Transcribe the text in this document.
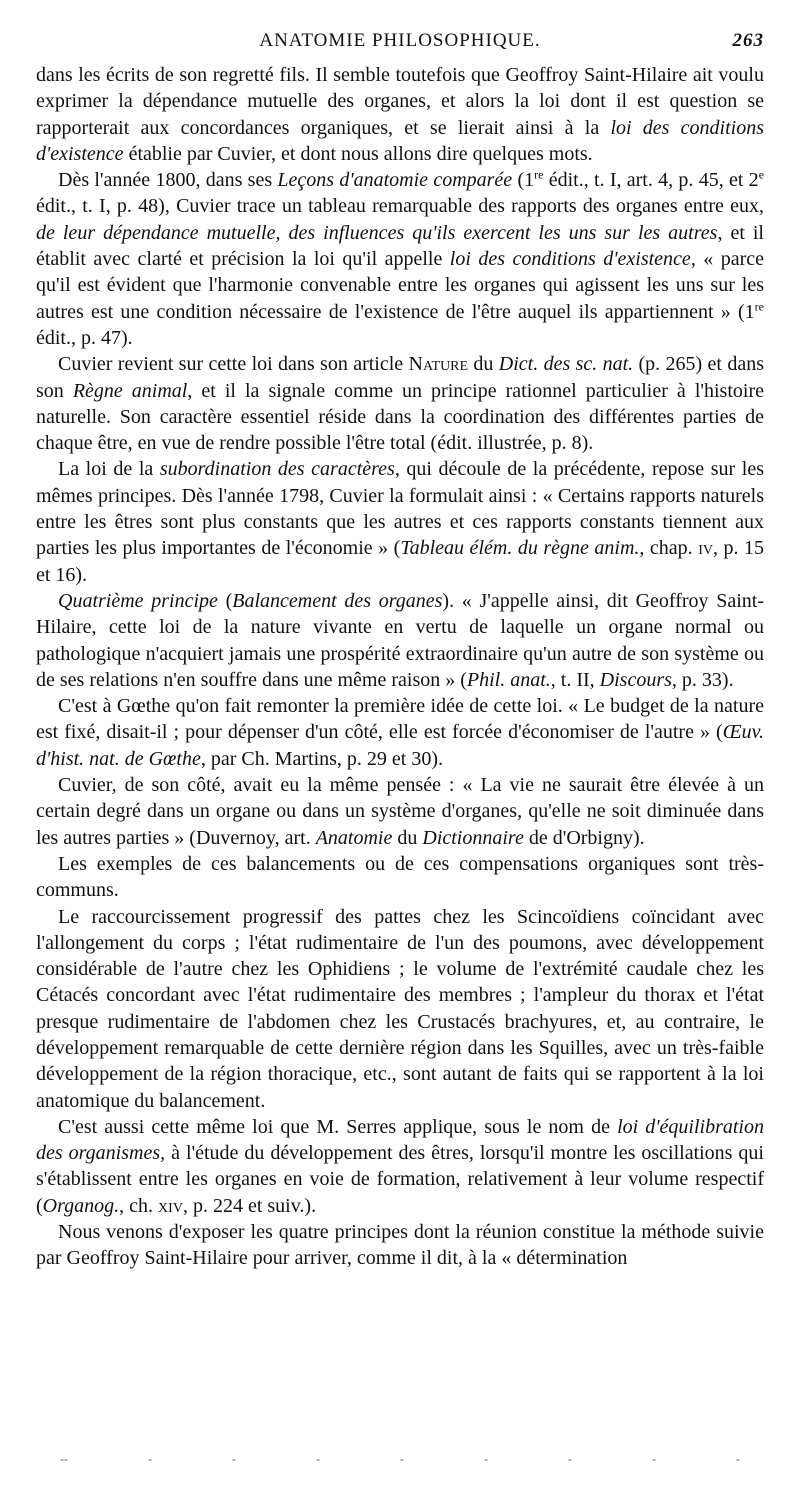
ANATOMIE PHILOSOPHIQUE.	263

dans les écrits de son regretté fils. Il semble toutefois que Geoffroy Saint-Hilaire ait voulu exprimer la dépendance mutuelle des organes, et alors la loi dont il est question se rapporterait aux concordances organiques, et se lierait ainsi à la loi des conditions d'existence établie par Cuvier, et dont nous allons dire quelques mots.

Dès l'année 1800, dans ses Leçons d'anatomie comparée (1re édit., t. I, art. 4, p. 45, et 2e édit., t. I, p. 48), Cuvier trace un tableau remarquable des rapports des organes entre eux, de leur dépendance mutuelle, des influences qu'ils exercent les uns sur les autres, et il établit avec clarté et précision la loi qu'il appelle loi des conditions d'existence, « parce qu'il est évident que l'harmonie convenable entre les organes qui agissent les uns sur les autres est une condition nécessaire de l'existence de l'être auquel ils appartiennent » (1re édit., p. 47).

Cuvier revient sur cette loi dans son article Nature du Dict. des sc. nat. (p. 265) et dans son Règne animal, et il la signale comme un principe rationnel particulier à l'histoire naturelle. Son caractère essentiel réside dans la coordination des différentes parties de chaque être, en vue de rendre possible l'être total (édit. illustrée, p. 8).

La loi de la subordination des caractères, qui découle de la précédente, repose sur les mêmes principes. Dès l'année 1798, Cuvier la formulait ainsi : « Certains rapports naturels entre les êtres sont plus constants que les autres et ces rapports constants tiennent aux parties les plus importantes de l'économie » (Tableau élém. du règne anim., chap. iv, p. 15 et 16).

Quatrième principe (Balancement des organes). « J'appelle ainsi, dit Geoffroy Saint-Hilaire, cette loi de la nature vivante en vertu de laquelle un organe normal ou pathologique n'acquiert jamais une prospérité extraordinaire qu'un autre de son système ou de ses relations n'en souffre dans une même raison » (Phil. anat., t. II, Discours, p. 33).

C'est à Gœthe qu'on fait remonter la première idée de cette loi. « Le budget de la nature est fixé, disait-il ; pour dépenser d'un côté, elle est forcée d'économiser de l'autre » (Œuv. d'hist. nat. de Gœthe, par Ch. Martins, p. 29 et 30).

Cuvier, de son côté, avait eu la même pensée : « La vie ne saurait être élevée à un certain degré dans un organe ou dans un système d'organes, qu'elle ne soit diminuée dans les autres parties » (Duvernoy, art. Anatomie du Dictionnaire de d'Orbigny).

Les exemples de ces balancements ou de ces compensations organiques sont très-communs.

Le raccourcissement progressif des pattes chez les Scincoïdiens coïncidant avec l'allongement du corps ; l'état rudimentaire de l'un des poumons, avec développement considérable de l'autre chez les Ophidiens ; le volume de l'extrémité caudale chez les Cétacés concordant avec l'état rudimentaire des membres ; l'ampleur du thorax et l'état presque rudimentaire de l'abdomen chez les Crustacés brachyures, et, au contraire, le développement remarquable de cette dernière région dans les Squilles, avec un très-faible développement de la région thoracique, etc., sont autant de faits qui se rapportent à la loi anatomique du balancement.

C'est aussi cette même loi que M. Serres applique, sous le nom de loi d'équilibration des organismes, à l'étude du développement des êtres, lorsqu'il montre les oscillations qui s'établissent entre les organes en voie de formation, relativement à leur volume respectif (Organog., ch. xiv, p. 224 et suiv.).

Nous venons d'exposer les quatre principes dont la réunion constitue la méthode suivie par Geoffroy Saint-Hilaire pour arriver, comme il dit, à la « détermination

--	-	-	-	-	-	-	-	-
